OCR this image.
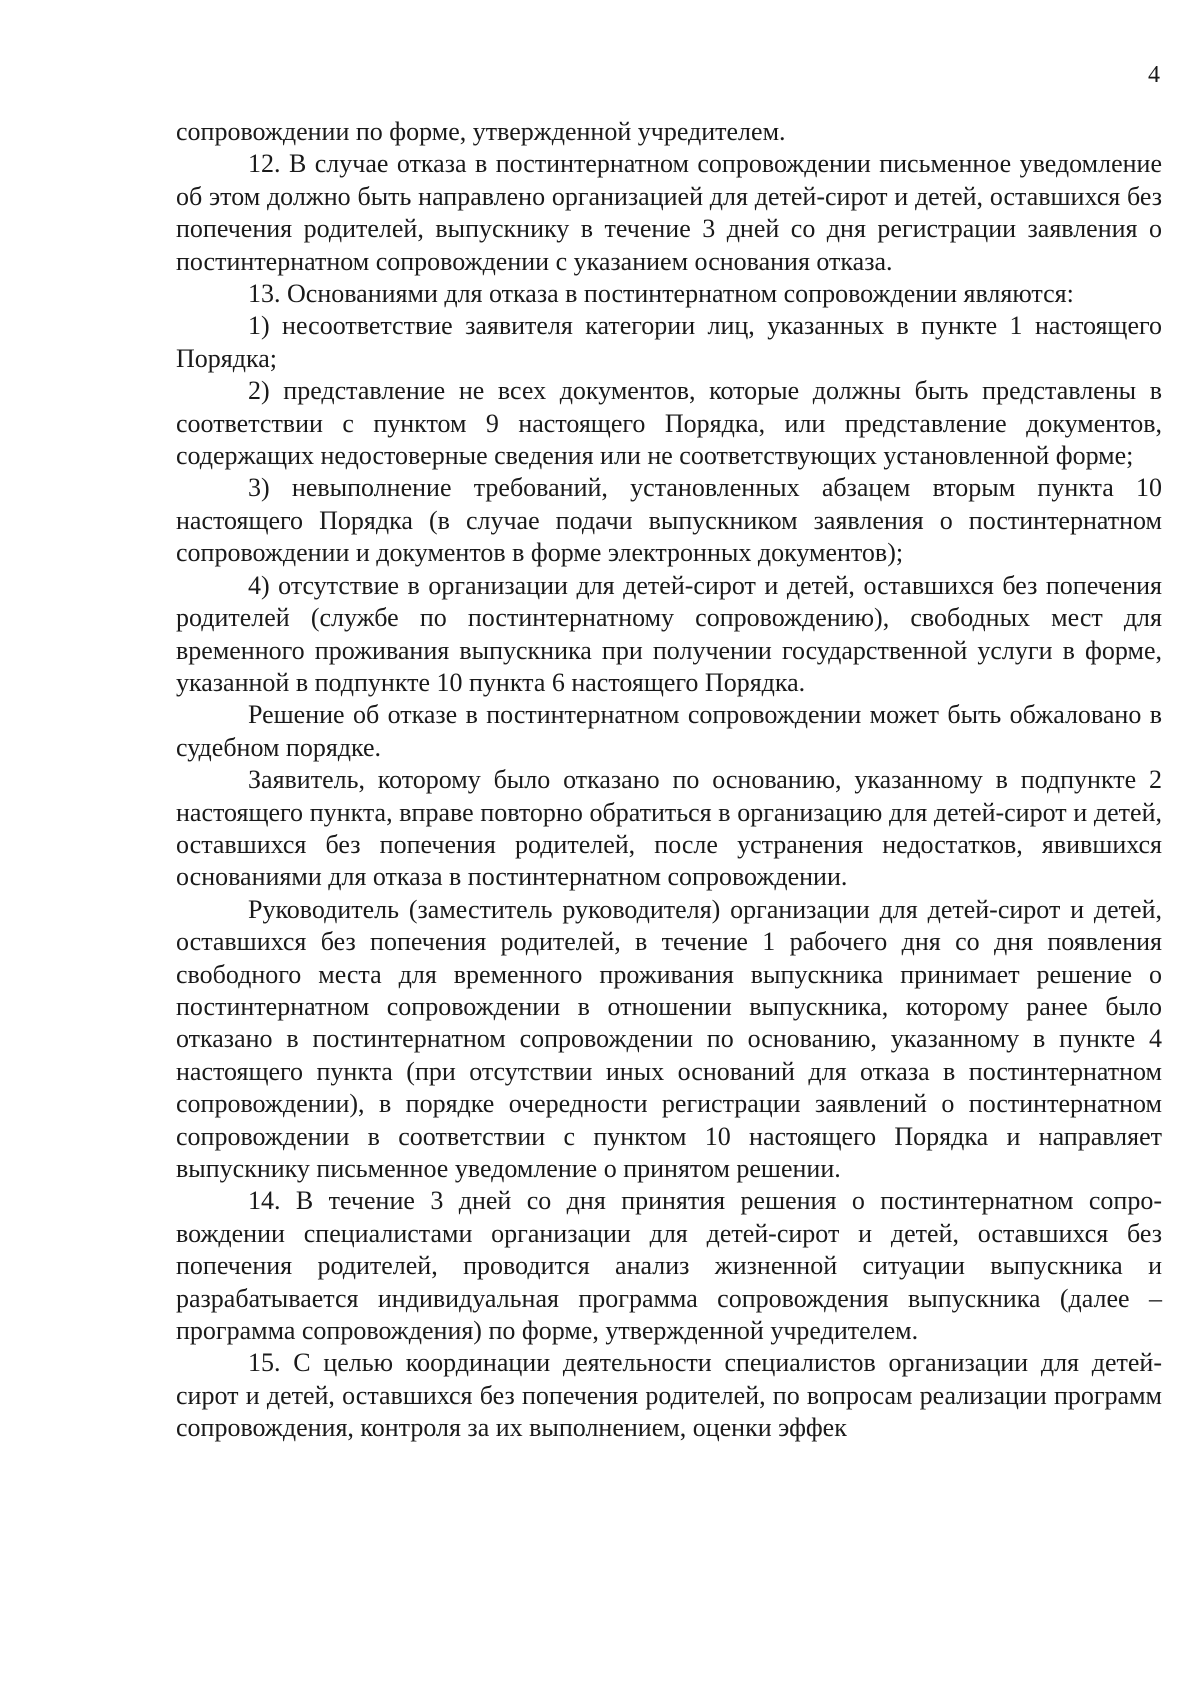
4

сопровождении по форме, утвержденной учредителем.

12. В случае отказа в постинтернатном сопровождении письменное уведомление об этом должно быть направлено организацией для детей-сирот и детей, оставшихся без попечения родителей, выпускнику в течение 3 дней со дня регистрации заявления о постинтернатном сопровождении с указанием основания отказа.

13. Основаниями для отказа в постинтернатном сопровождении являются:

1) несоответствие заявителя категории лиц, указанных в пункте 1 настоящего Порядка;

2) представление не всех документов, которые должны быть представлены в соответствии с пунктом 9 настоящего Порядка, или представление документов, содержащих недостоверные сведения или не соответствующих установленной форме;

3) невыполнение требований, установленных абзацем вторым пункта 10 настоящего Порядка (в случае подачи выпускником заявления о постинтернатном сопровождении и документов в форме электронных документов);

4) отсутствие в организации для детей-сирот и детей, оставшихся без попечения родителей (службе по постинтернатному сопровождению), свободных мест для временного проживания выпускника при получении государственной услуги в форме, указанной в подпункте 10 пункта 6 настоящего Порядка.

Решение об отказе в постинтернатном сопровождении может быть обжаловано в судебном порядке.

Заявитель, которому было отказано по основанию, указанному в подпункте 2 настоящего пункта, вправе повторно обратиться в организацию для детей-сирот и детей, оставшихся без попечения родителей, после устранения недостатков, явившихся основаниями для отказа в постинтернатном сопровождении.

Руководитель (заместитель руководителя) организации для детей-сирот и детей, оставшихся без попечения родителей, в течение 1 рабочего дня со дня появления свободного места для временного проживания выпускника принимает решение о постинтернатном сопровождении в отношении выпускника, которому ранее было отказано в постинтернатном сопровождении по основанию, указанному в пункте 4 настоящего пункта (при отсутствии иных оснований для отказа в постинтернатном сопровождении), в порядке очередности регистрации заявлений о постинтернатном сопровождении в соответствии с пунктом 10 настоящего Порядка и направляет выпускнику письменное уведомление о принятом решении.

14. В течение 3 дней со дня принятия решения о постинтернатном сопровождении специалистами организации для детей-сирот и детей, оставшихся без попечения родителей, проводится анализ жизненной ситуации выпускника и разрабатывается индивидуальная программа сопровождения выпускника (далее – программа сопровождения) по форме, утвержденной учредителем.

15. С целью координации деятельности специалистов организации для детей-сирот и детей, оставшихся без попечения родителей, по вопросам реализации программ сопровождения, контроля за их выполнением, оценки эффек
